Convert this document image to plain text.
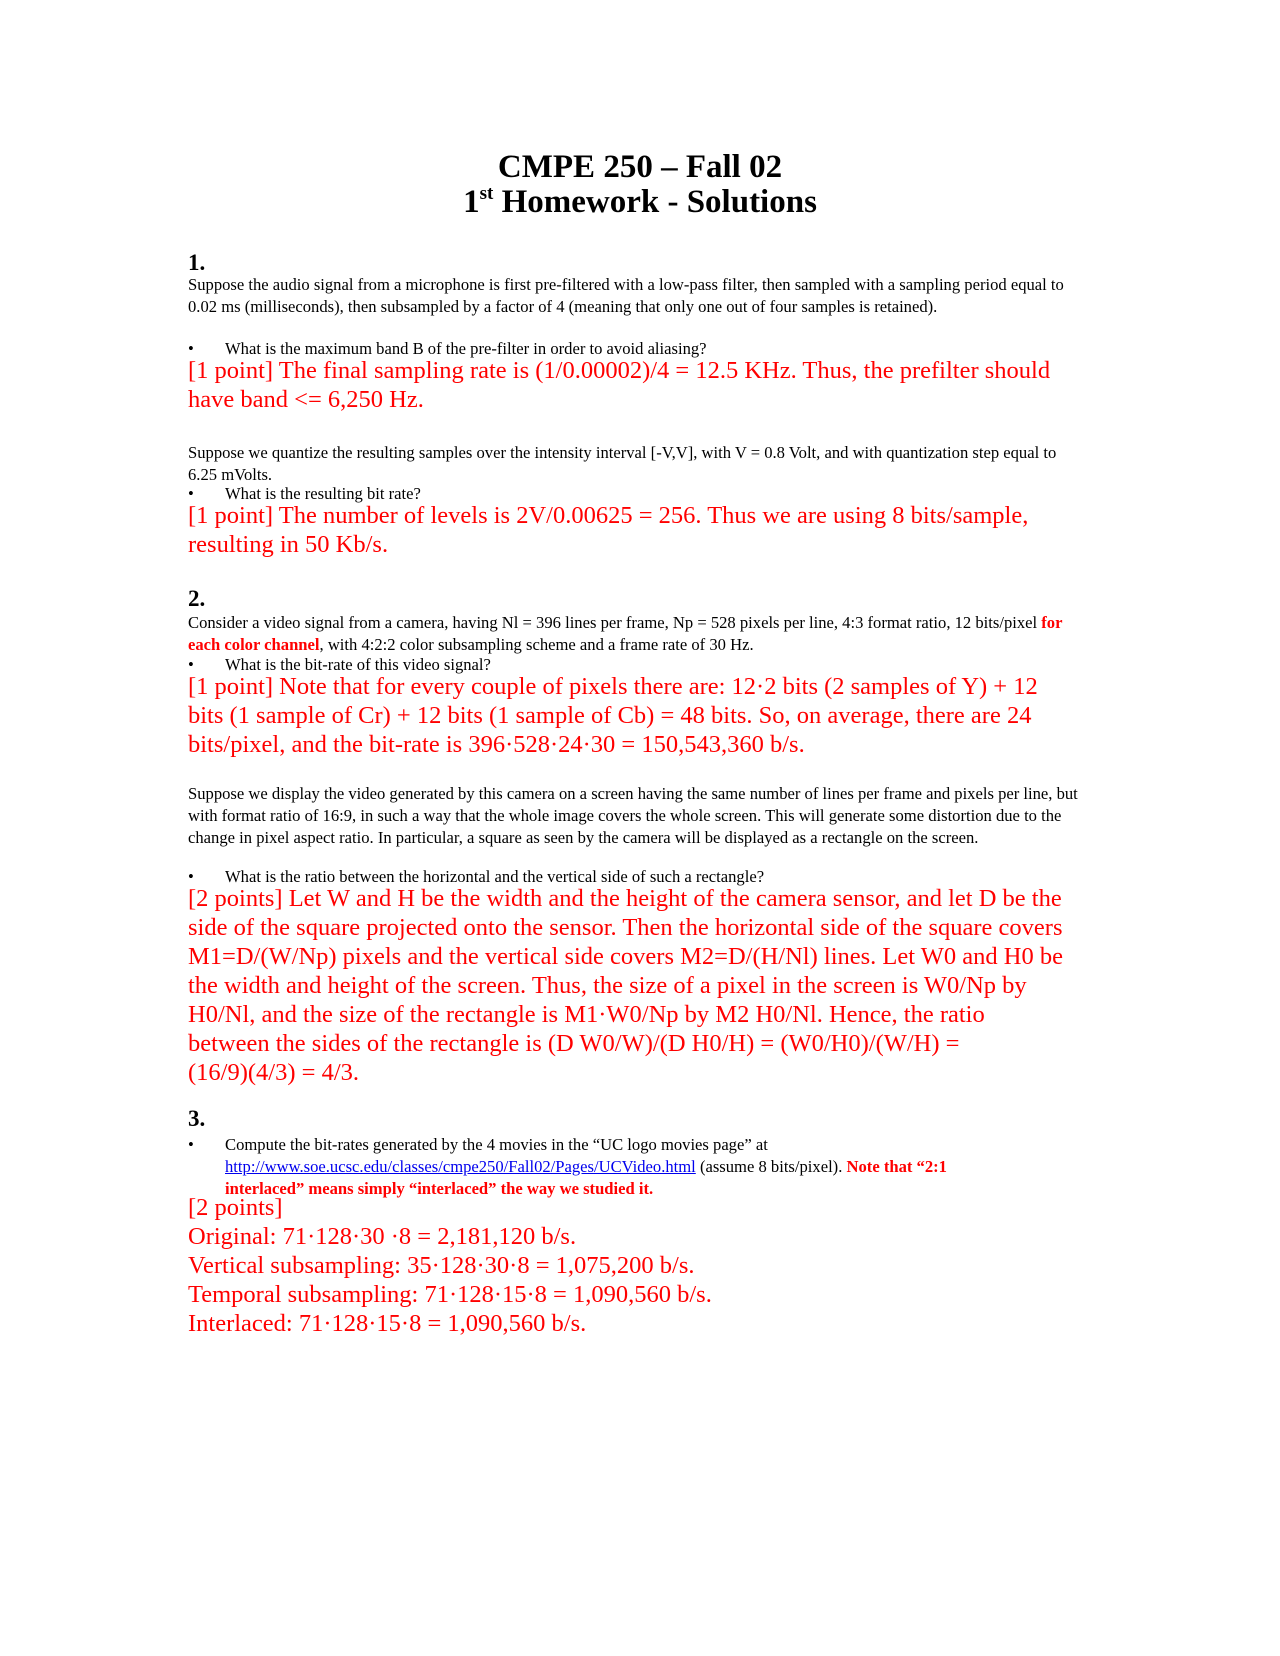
CMPE 250 – Fall 02
1st Homework - Solutions
1.
Suppose the audio signal from a microphone is first pre-filtered with a low-pass filter, then sampled with a sampling period equal to 0.02 ms (milliseconds), then subsampled by a factor of 4 (meaning that only one out of four samples is retained).
•	What is the maximum band B of the pre-filter in order to avoid aliasing?
[1 point] The final sampling rate is (1/0.00002)/4 = 12.5 KHz. Thus, the prefilter should
have band <= 6,250 Hz.
Suppose we quantize the resulting samples over the intensity interval [-V,V], with V = 0.8 Volt, and with quantization step equal to 6.25 mVolts.
•	What is the resulting bit rate?
[1 point] The number of levels is 2V/0.00625 = 256. Thus we are using 8 bits/sample,
resulting in 50 Kb/s.
2.
Consider a video signal from a camera, having Nl = 396 lines per frame, Np = 528 pixels per line, 4:3 format ratio, 12 bits/pixel for each color channel, with 4:2:2 color subsampling scheme and a frame rate of 30 Hz.
•	What is the bit-rate of this video signal?
[1 point] Note that for every couple of pixels there are: 12·2 bits (2 samples of Y) + 12
bits (1 sample of Cr) + 12 bits (1 sample of Cb) = 48 bits. So, on average, there are 24
bits/pixel, and the bit-rate is 396·528·24·30 = 150,543,360 b/s.
Suppose we display the video generated by this camera on a screen having the same number of lines per frame and pixels per line, but with format ratio of 16:9, in such a way that the whole image covers the whole screen. This will generate some distortion due to the change in pixel aspect ratio. In particular, a square as seen by the camera will be displayed as a rectangle on the screen.
•	What is the ratio between the horizontal and the vertical side of such a rectangle?
[2 points] Let W and H be the width and the height of the camera sensor, and let D be the
side of the square projected onto the sensor. Then the horizontal side of the square covers
M1=D/(W/Np) pixels and the vertical side covers M2=D/(H/Nl) lines. Let W0 and H0 be
the width and height of the screen. Thus, the size of a pixel in the screen is W0/Np by
H0/Nl, and the size of the rectangle is M1·W0/Np by M2 H0/Nl. Hence, the ratio
between the sides of the rectangle is (D W0/W)/(D H0/H) = (W0/H0)/(W/H) =
(16/9)(4/3) = 4/3.
3.
•	Compute the bit-rates generated by the 4 movies in the “UC logo movies page” at
http://www.soe.ucsc.edu/classes/cmpe250/Fall02/Pages/UCVideo.html (assume 8 bits/pixel). Note that “2:1
interlaced” means simply “interlaced” the way we studied it.
[2 points]
Original: 71·128·30 ·8 = 2,181,120 b/s.
Vertical subsampling: 35·128·30·8 = 1,075,200 b/s.
Temporal subsampling: 71·128·15·8 = 1,090,560 b/s.
Interlaced: 71·128·15·8 = 1,090,560 b/s.
